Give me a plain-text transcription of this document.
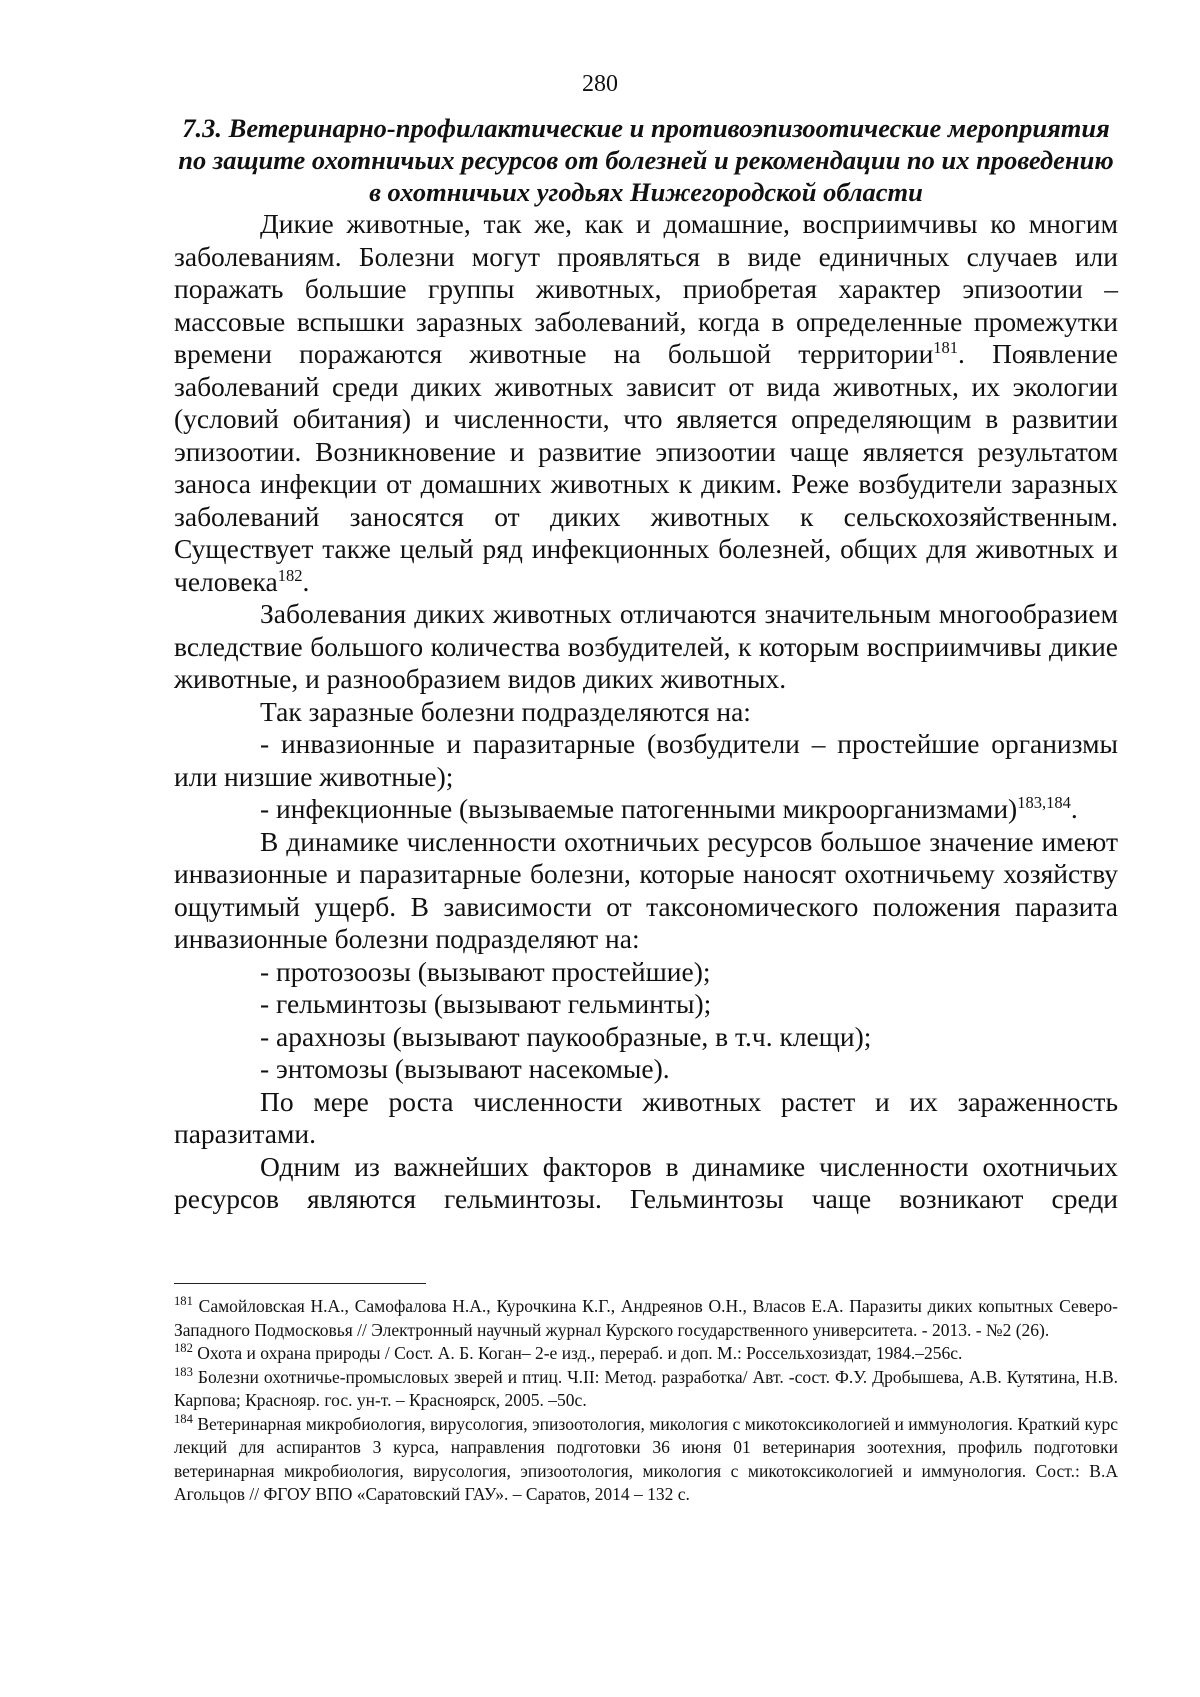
280
7.3. Ветеринарно-профилактические и противоэпизоотические мероприятия по защите охотничьих ресурсов от болезней и рекомендации по их проведению в охотничьих угодьях Нижегородской области

Дикие животные, так же, как и домашние, восприимчивы ко многим заболеваниям. Болезни могут проявляться в виде единичных случаев или поражать большие группы животных, приобретая характер эпизоотии – массовые вспышки заразных заболеваний, когда в определенные промежутки времени поражаются животные на большой территории$^{181}$. Появление заболеваний среди диких животных зависит от вида животных, их экологии (условий обитания) и численности, что является определяющим в развитии эпизоотии. Возникновение и развитие эпизоотии чаще является результатом заноса инфекции от домашних животных к диким. Реже возбудители заразных заболеваний заносятся от диких животных к сельскохозяйственным. Существует также целый ряд инфекционных болезней, общих для животных и человека$^{182}$.

Заболевания диких животных отличаются значительным многообразием вследствие большого количества возбудителей, к которым восприимчивы дикие животные, и разнообразием видов диких животных.

Так заразные болезни подразделяются на:

- инвазионные и паразитарные (возбудители – простейшие организмы или низшие животные);

- инфекционные (вызываемые патогенными микроорганизмами)$^{183,184}$.

В динамике численности охотничьих ресурсов большое значение имеют инвазионные и паразитарные болезни, которые наносят охотничьему хозяйству ощутимый ущерб. В зависимости от таксономического положения паразита инвазионные болезни подразделяют на:

- протозоозы (вызывают простейшие);

- гельминтозы (вызывают гельминты);

- арахнозы (вызывают паукообразные, в т.ч. клещи);

- энтомозы (вызывают насекомые).

По мере роста численности животных растет и их зараженность паразитами.

Одним из важнейших факторов в динамике численности охотничьих ресурсов являются гельминтозы. Гельминтозы чаще возникают среди

$^{181}$ Самойловская Н.А., Самофалова Н.А., Курочкина К.Г., Андреянов О.Н., Власов Е.А. Паразиты диких копытных Северо-Западного Подмосковья // Электронный научный журнал Курского государственного университета. - 2013. - №2 (26).

$^{182}$ Охота и охрана природы / Сост. А. Б. Коган– 2-е изд., перераб. и доп. М.: Россельхозиздат, 1984.–256с.

$^{183}$ Болезни охотничье-промысловых зверей и птиц. Ч.II: Метод. разработка/ Авт. -сост. Ф.У. Дробышева, А.В. Кутятина, Н.В. Карпова; Краснояр. гос. ун-т. – Красноярск, 2005. –50с.

$^{184}$ Ветеринарная микробиология, вирусология, эпизоотология, микология с микотоксикологией и иммунология. Краткий курс лекций для аспирантов 3 курса, направления подготовки 36 июня 01 ветеринария зоотехния, профиль подготовки ветеринарная микробиология, вирусология, эпизоотология, микология с микотоксикологией и иммунология. Сост.: В.А Агольцов // ФГОУ ВПО «Саратовский ГАУ». – Саратов, 2014 – 132 с.
